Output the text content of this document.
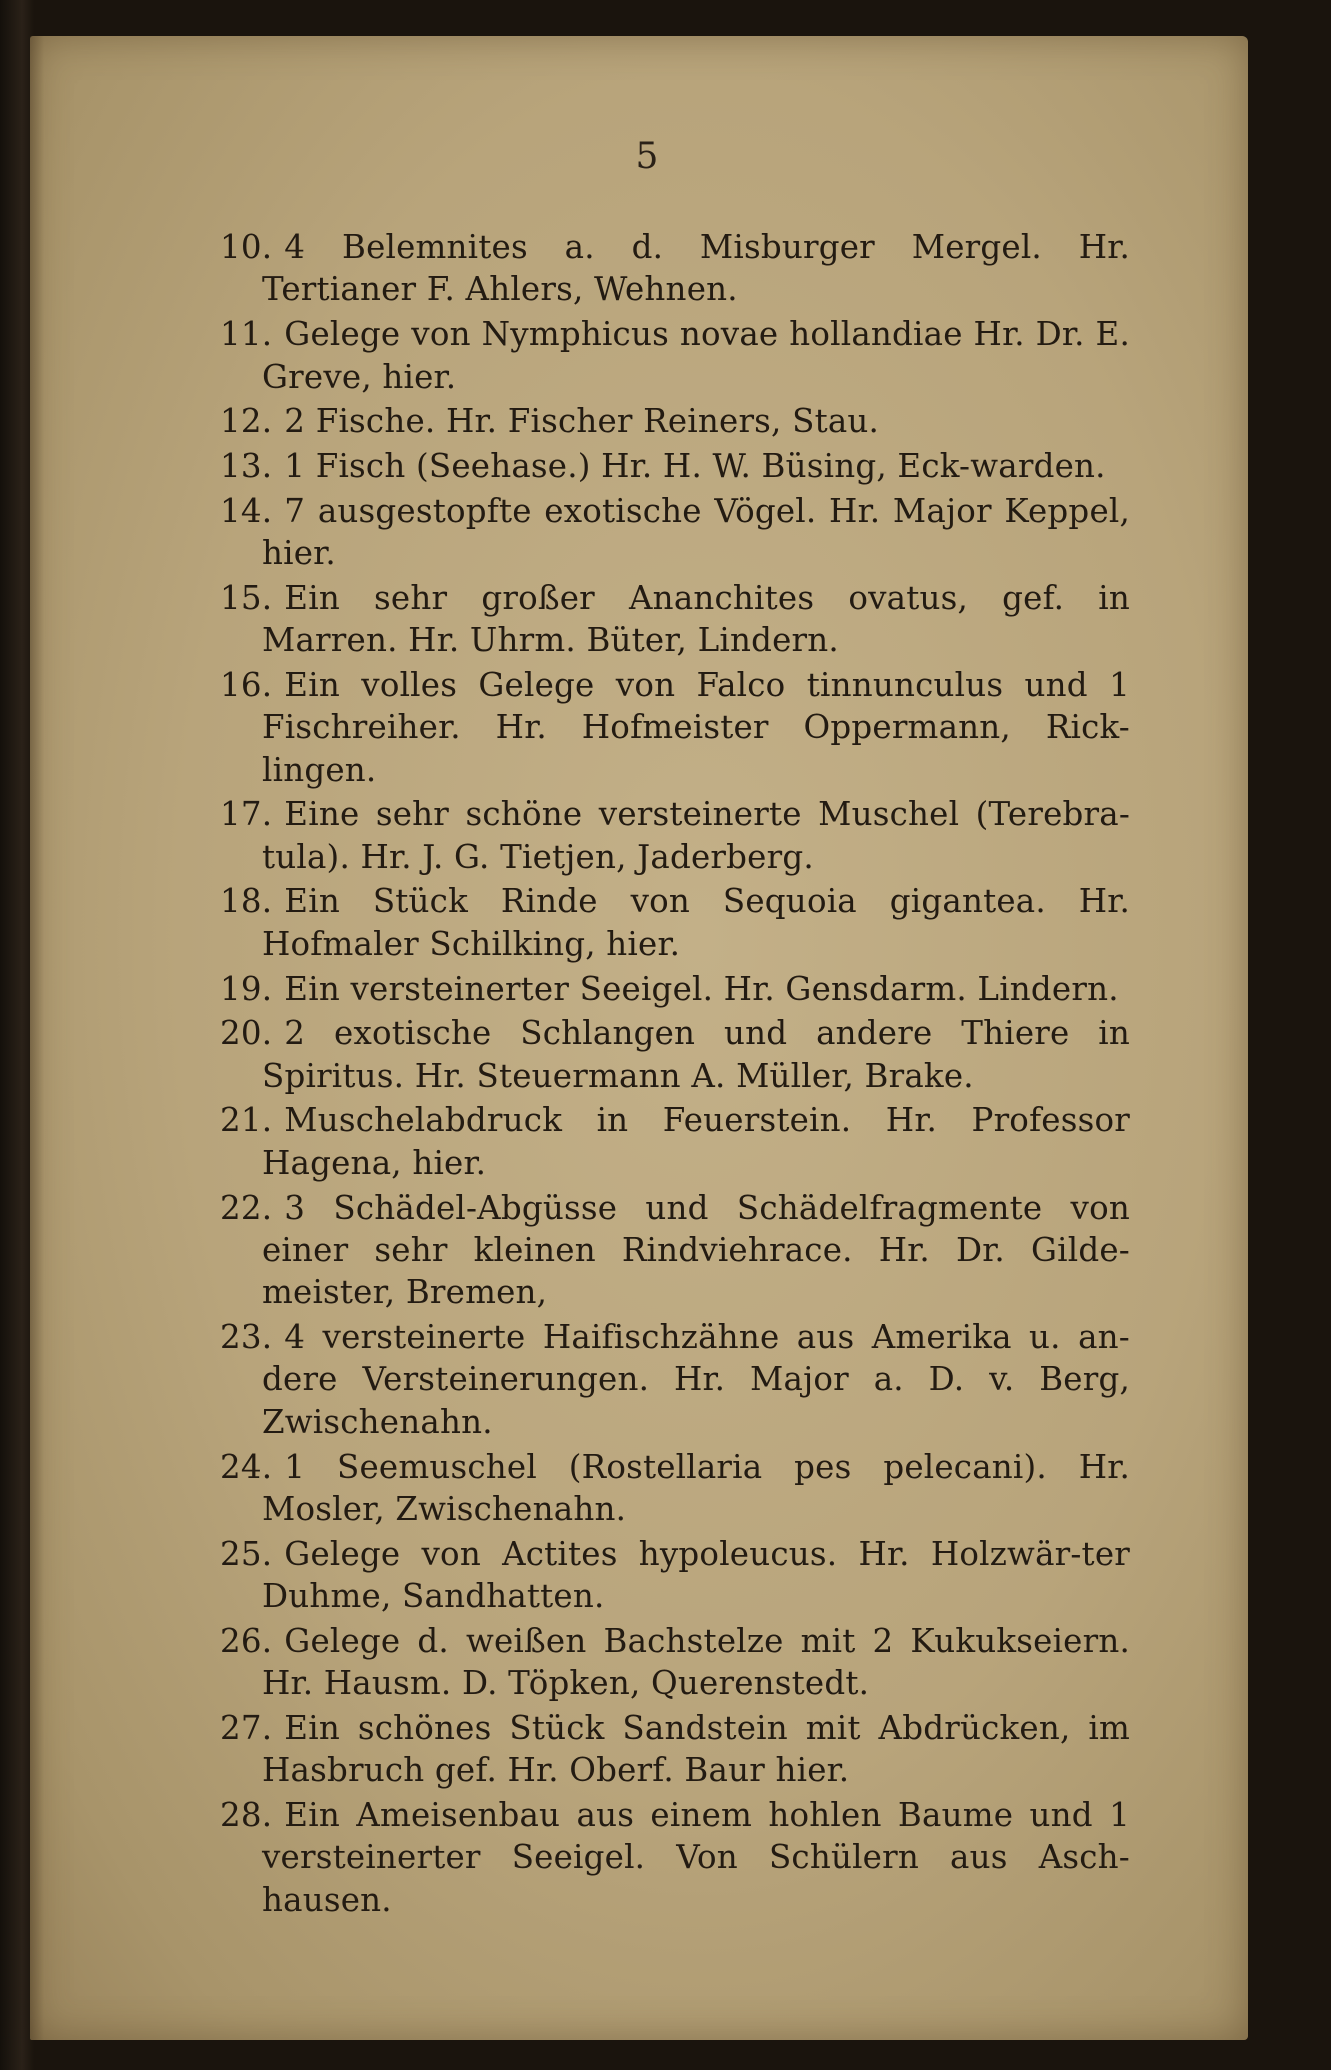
5

10. 4 Belemnites a. d. Misburger Mergel. Hr. Tertianer F. Ahlers, Wehnen.

11. Gelege von Nymphicus novae hollandiae Hr. Dr. E. Greve, hier.

12. 2 Fische. Hr. Fischer Reiners, Stau.

13. 1 Fisch (Seehase.) Hr. H. W. Büsing, Eck-warden.

14. 7 ausgestopfte exotische Vögel. Hr. Major Keppel, hier.

15. Ein sehr großer Ananchites ovatus, gef. in Marren. Hr. Uhrm. Büter, Lindern.

16. Ein volles Gelege von Falco tinnunculus und 1 Fischreiher. Hr. Hofmeister Oppermann, Rick-lingen.

17. Eine sehr schöne versteinerte Muschel (Terebra-tula). Hr. J. G. Tietjen, Jaderberg.

18. Ein Stück Rinde von Sequoia gigantea. Hr. Hofmaler Schilking, hier.

19. Ein versteinerter Seeigel. Hr. Gensdarm. Lindern.

20. 2 exotische Schlangen und andere Thiere in Spiritus. Hr. Steuermann A. Müller, Brake.

21. Muschelabdruck in Feuerstein. Hr. Professor Hagena, hier.

22. 3 Schädel-Abgüsse und Schädelfragmente von einer sehr kleinen Rindviehrace. Hr. Dr. Gilde-meister, Bremen,

23. 4 versteinerte Haifischzähne aus Amerika u. an-dere Versteinerungen. Hr. Major a. D. v. Berg, Zwischenahn.

24. 1 Seemuschel (Rostellaria pes pelecani). Hr. Mosler, Zwischenahn.

25. Gelege von Actites hypoleucus. Hr. Holzwär-ter Duhme, Sandhatten.

26. Gelege d. weißen Bachstelze mit 2 Kukukseiern. Hr. Hausm. D. Töpken, Querenstedt.

27. Ein schönes Stück Sandstein mit Abdrücken, im Hasbruch gef. Hr. Oberf. Baur hier.

28. Ein Ameisenbau aus einem hohlen Baume und 1 versteinerter Seeigel. Von Schülern aus Asch-hausen.
